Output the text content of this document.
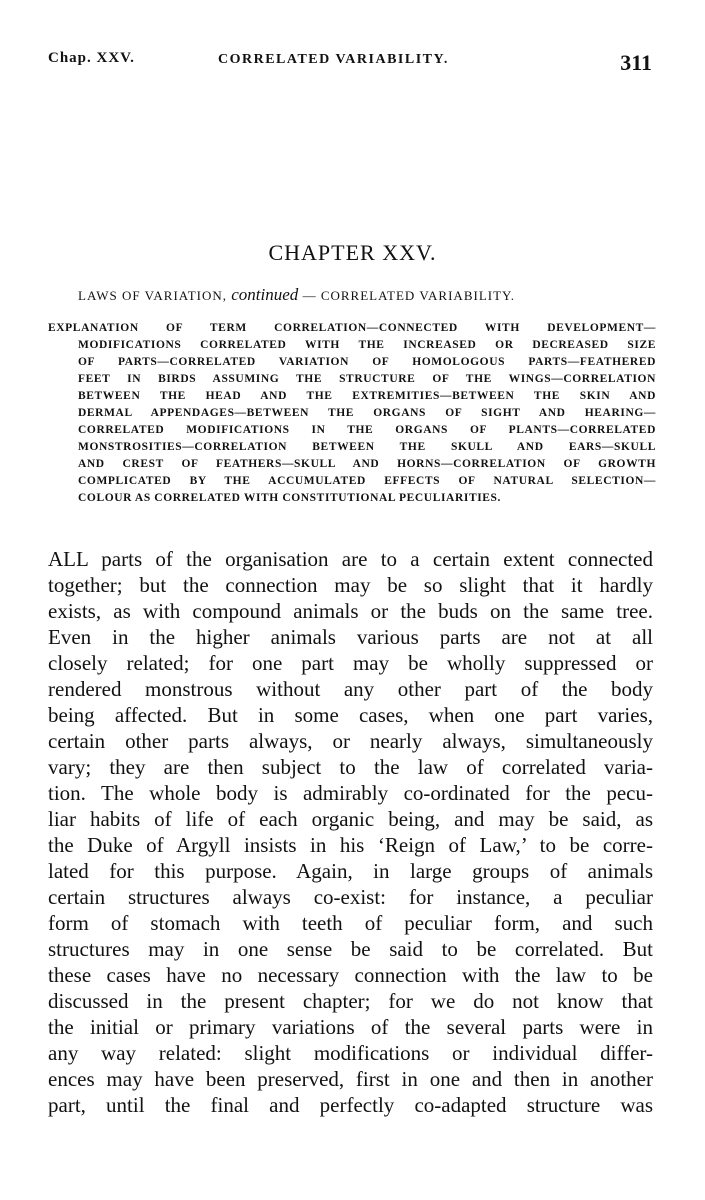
Chap. XXV.	CORRELATED VARIABILITY.	311
CHAPTER XXV.
LAWS OF VARIATION, continued — CORRELATED VARIABILITY.
EXPLANATION OF TERM CORRELATION—CONNECTED WITH DEVELOPMENT—
MODIFICATIONS CORRELATED WITH THE INCREASED OR DECREASED SIZE
OF PARTS—CORRELATED VARIATION OF HOMOLOGOUS PARTS—FEATHERED
FEET IN BIRDS ASSUMING THE STRUCTURE OF THE WINGS—CORRELATION
BETWEEN THE HEAD AND THE EXTREMITIES—BETWEEN THE SKIN AND
DERMAL APPENDAGES—BETWEEN THE ORGANS OF SIGHT AND HEARING—
CORRELATED MODIFICATIONS IN THE ORGANS OF PLANTS—CORRELATED
MONSTROSITIES—CORRELATION BETWEEN THE SKULL AND EARS—SKULL
AND CREST OF FEATHERS—SKULL AND HORNS—CORRELATION OF GROWTH
COMPLICATED BY THE ACCUMULATED EFFECTS OF NATURAL SELECTION—
COLOUR AS CORRELATED WITH CONSTITUTIONAL PECULIARITIES.
ALL parts of the organisation are to a certain extent connected
together; but the connection may be so slight that it hardly
exists, as with compound animals or the buds on the same tree.
Even in the higher animals various parts are not at all
closely related; for one part may be wholly suppressed or
rendered monstrous without any other part of the body
being affected. But in some cases, when one part varies,
certain other parts always, or nearly always, simultaneously
vary; they are then subject to the law of correlated varia-
tion. The whole body is admirably co-ordinated for the pecu-
liar habits of life of each organic being, and may be said, as
the Duke of Argyll insists in his ‘Reign of Law,’ to be corre-
lated for this purpose. Again, in large groups of animals
certain structures always co-exist: for instance, a peculiar
form of stomach with teeth of peculiar form, and such
structures may in one sense be said to be correlated. But
these cases have no necessary connection with the law to be
discussed in the present chapter; for we do not know that
the initial or primary variations of the several parts were in
any way related: slight modifications or individual differ-
ences may have been preserved, first in one and then in another
part, until the final and perfectly co-adapted structure was
